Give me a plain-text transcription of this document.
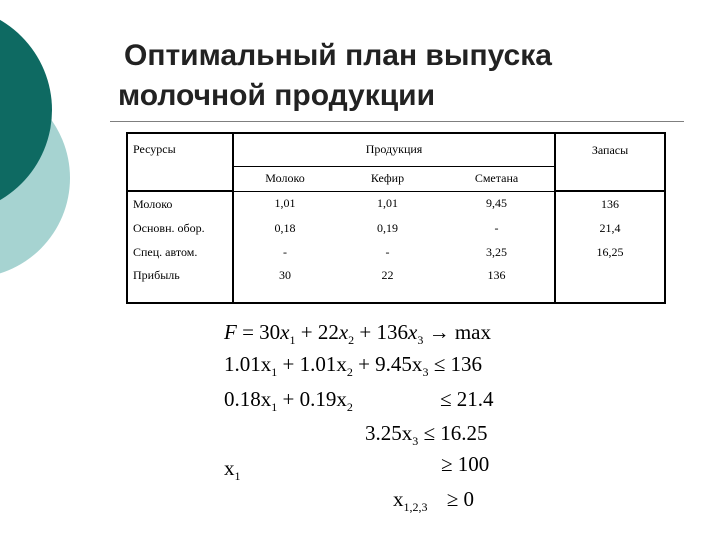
Оптимальный план выпуска
молочной продукции
Ресурсы	Продукция			Запасы
	Молоко	Кефир	Сметана	
Молоко	1,01	1,01	9,45	136
Основн. обор.	0,18	0,19	-	21,4
Спец. автом.	-	-	3,25	16,25
Прибыль	30	22	136	
$F = 30x_1 + 22x_2 + 136x_3 \to \max$
$1.01x_1 + 1.01x_2 + 9.45x_3 \le 136$
$0.18x_1 + 0.19x_2$	≤ 21.4
$3.25x_3 \le 16.25$
$x_1$	≥ 100
$x_{1,2,3} \ge 0$
